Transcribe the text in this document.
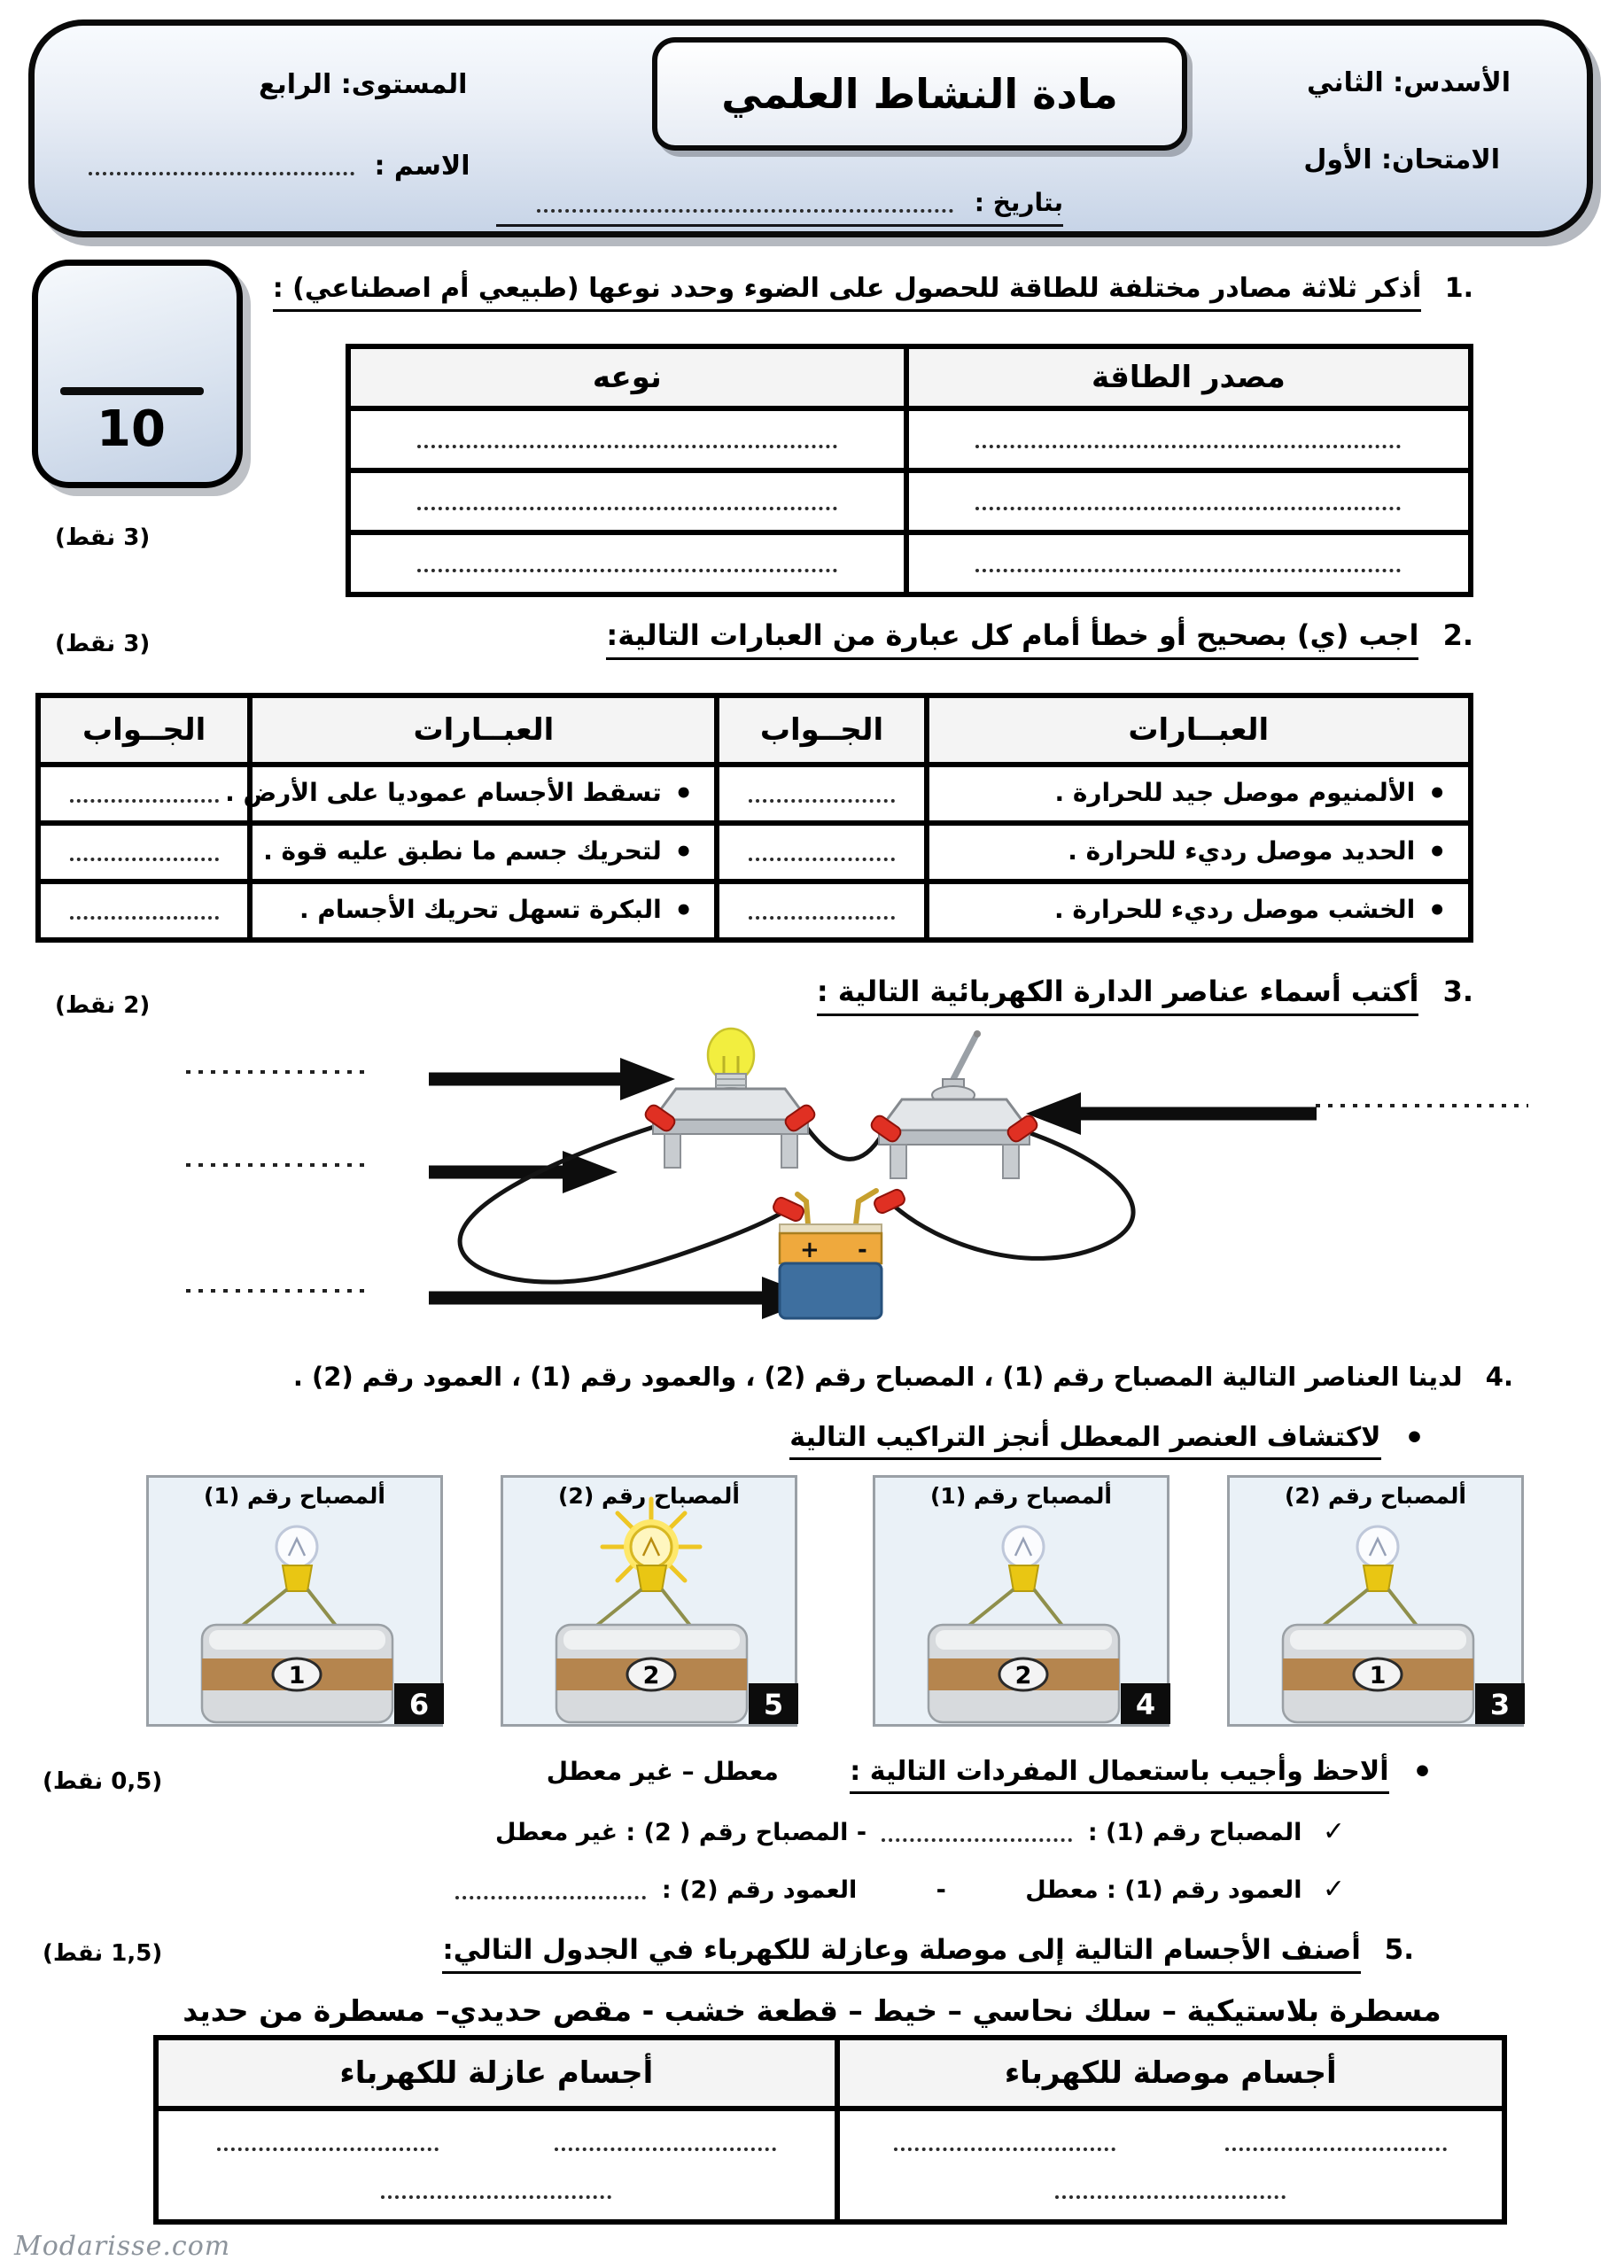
الأسدس: الثاني
الامتحان: الأول
مادة النشاط العلمي
بتاريخ :
المستوى: الرابع
الاسم :
10
1. أذكر ثلاثة مصادر مختلفة للطاقة للحصول على الضوء وحدد نوعها (طبيعي أم اصطناعي) :
(3 نقط)
مصدر الطاقة	نوعه

2. اجب (ي) بصحيح أو خطأ أمام كل عبارة من العبارات التالية:
(3 نقط)
العبــارات	الجــواب	العبــارات	الجــواب
•الألمنيوم موصل جيد للحرارة .		•تسقط الأجسام عموديا على الأرض .	
•الحديد موصل رديء للحرارة .		•لتحريك جسم ما نطبق عليه قوة .	
•الخشب موصل رديء للحرارة .		•البكرة تسهل تحريك الأجسام .	
3. أكتب أسماء عناصر الدارة الكهربائية التالية :
(2 نقط)
+ -
4. لدينا العناصر التالية المصباح رقم (1) ، المصباح رقم (2) ، والعمود رقم (1) ، العمود رقم (2) .
• لاكتشاف العنصر المعطل أنجز التراكيب التالية
ألمصباح رقم (1)
1
6
ألمصباح رقم (2)
2
5
ألمصباح رقم (1)
2
4
ألمصباح رقم (2)
1
3
• ألاحظ وأجيب باستعمال المفردات التالية : معطل – غير معطل
(0,5 نقط)
✓ المصباح رقم (1) :  - المصباح رقم ( 2) : غير معطل
✓ العمود رقم (1) : معطل - العمود رقم (2) :
5. أصنف الأجسام التالية إلى موصلة وعازلة للكهرباء في الجدول التالي:
(1,5 نقط)
مسطرة بلاستيكية – سلك نحاسي – خيط – قطعة خشب - مقص حديدي– مسطرة من حديد
أجسام موصلة للكهرباء	أجسام عازلة للكهرباء

Modarisse.com
